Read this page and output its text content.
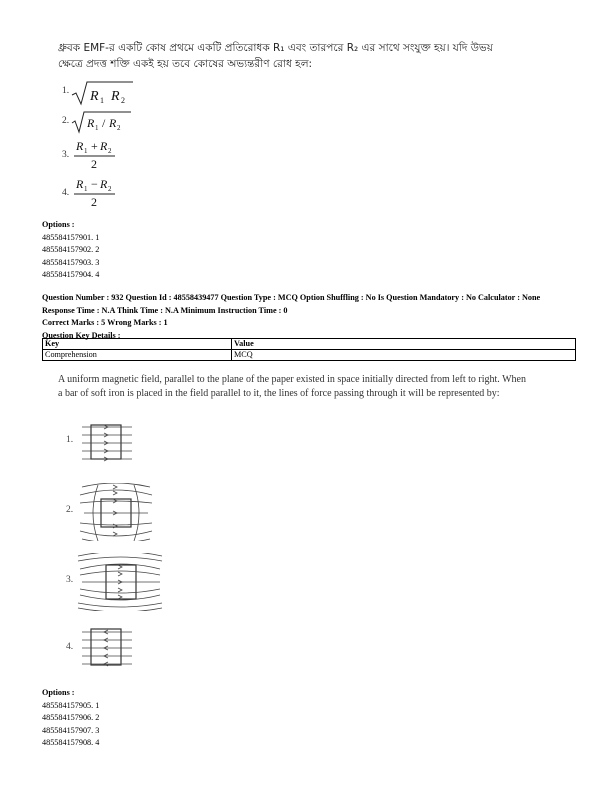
ধ্রুবক EMF-র একটি কোষ প্রথমে একটি প্রতিরোধক R₁ এবং তারপরে R₂ এর সাথে সংযুক্ত হয়। যদি উভয়
ক্ষেত্রে প্রদত্ত শক্তি একই হয় তবে কোষের অভ্যন্তরীণ রোধ হল:
1. R 1 R 2
2. R 1 / R 2
3.
R 1 + R 2
2
4.
R 1 − R 2
2
Options :
485584157901. 1
485584157902. 2
485584157903. 3
485584157904. 4
Question Number : 932 Question Id : 48558439477 Question Type : MCQ Option Shuffling : No Is Question Mandatory : No Calculator : None
Response Time : N.A Think Time : N.A Minimum Instruction Time : 0
Correct Marks : 5 Wrong Marks : 1
Question Key Details :
Key	Value
Comprehension	MCQ
A uniform magnetic field, parallel to the plane of the paper existed in space initially directed from left to right. When a bar of soft iron is placed in the field parallel to it, the lines of force passing through it will be represented by:
1.
2.
3.
4.
Options :
485584157905. 1
485584157906. 2
485584157907. 3
485584157908. 4
